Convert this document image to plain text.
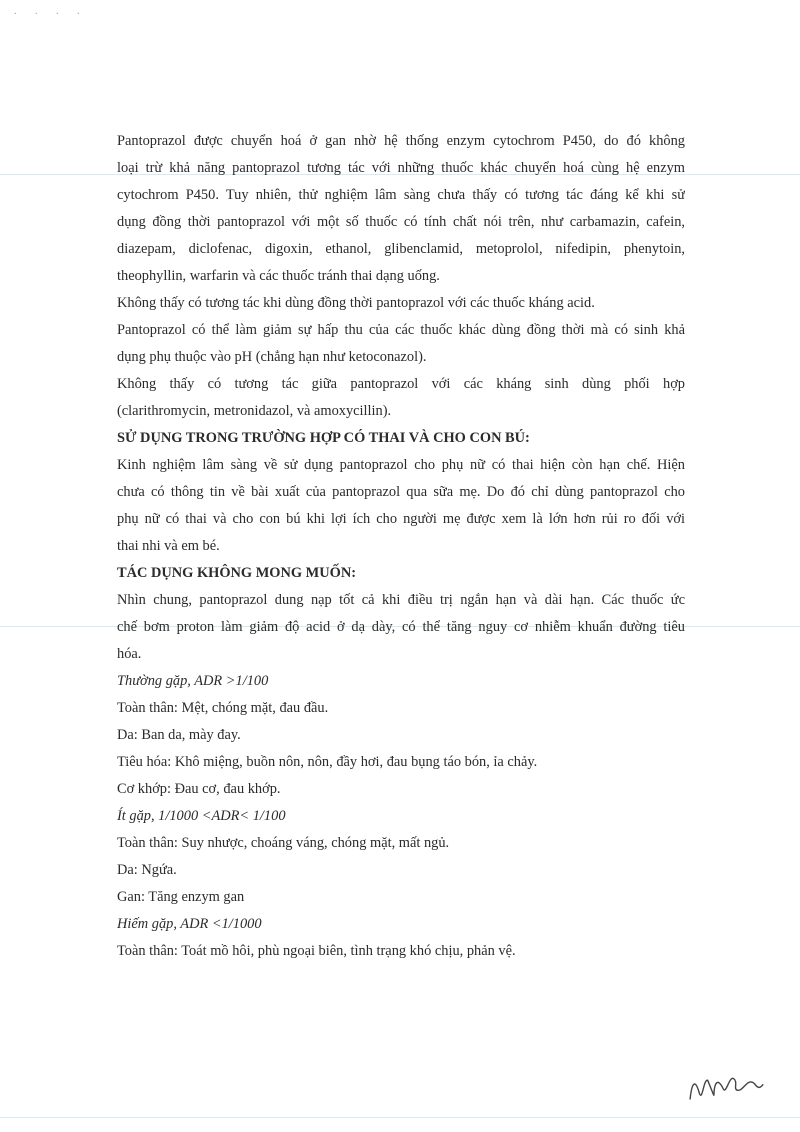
. . . .
Pantoprazol được chuyển hoá ở gan nhờ hệ thống enzym cytochrom P450, do đó không
loại trừ khả năng pantoprazol tương tác với những thuốc khác chuyển hoá cùng hệ enzym
cytochrom P450. Tuy nhiên, thử nghiệm lâm sàng chưa thấy có tương tác đáng kể khi sử
dụng đồng thời pantoprazol với một số thuốc có tính chất nói trên, như carbamazin, cafein,
diazepam, diclofenac, digoxin, ethanol, glibenclamid, metoprolol, nifedipin, phenytoin,
theophyllin, warfarin và các thuốc tránh thai dạng uống.
Không thấy có tương tác khi dùng đồng thời pantoprazol với các thuốc kháng acid.
Pantoprazol có thể làm giảm sự hấp thu của các thuốc khác dùng đồng thời mà có sinh khả
dụng phụ thuộc vào pH (chẳng hạn như ketoconazol).
Không thấy có tương tác giữa pantoprazol với các kháng sinh dùng phối hợp
(clarithromycin, metronidazol, và amoxycillin).
SỬ DỤNG TRONG TRƯỜNG HỢP CÓ THAI VÀ CHO CON BÚ:
Kinh nghiệm lâm sàng về sử dụng pantoprazol cho phụ nữ có thai hiện còn hạn chế. Hiện
chưa có thông tin về bài xuất của pantoprazol qua sữa mẹ. Do đó chỉ dùng pantoprazol cho
phụ nữ có thai và cho con bú khi lợi ích cho người mẹ được xem là lớn hơn rủi ro đối với
thai nhi và em bé.
TÁC DỤNG KHÔNG MONG MUỐN:
Nhìn chung, pantoprazol dung nạp tốt cả khi điều trị ngắn hạn và dài hạn. Các thuốc ức
chế bơm proton làm giảm độ acid ở dạ dày, có thể tăng nguy cơ nhiễm khuẩn đường tiêu
hóa.
Thường gặp, ADR >1/100
Toàn thân: Mệt, chóng mặt, đau đầu.
Da: Ban da, mày đay.
Tiêu hóa: Khô miệng, buồn nôn, nôn, đầy hơi, đau bụng táo bón, ỉa chảy.
Cơ khớp: Đau cơ, đau khớp.
Ít gặp, 1/1000 <ADR< 1/100
Toàn thân: Suy nhược, choáng váng, chóng mặt, mất ngủ.
Da: Ngứa.
Gan: Tăng enzym gan
Hiếm gặp, ADR <1/1000
Toàn thân: Toát mồ hôi, phù ngoại biên, tình trạng khó chịu, phản vệ.
